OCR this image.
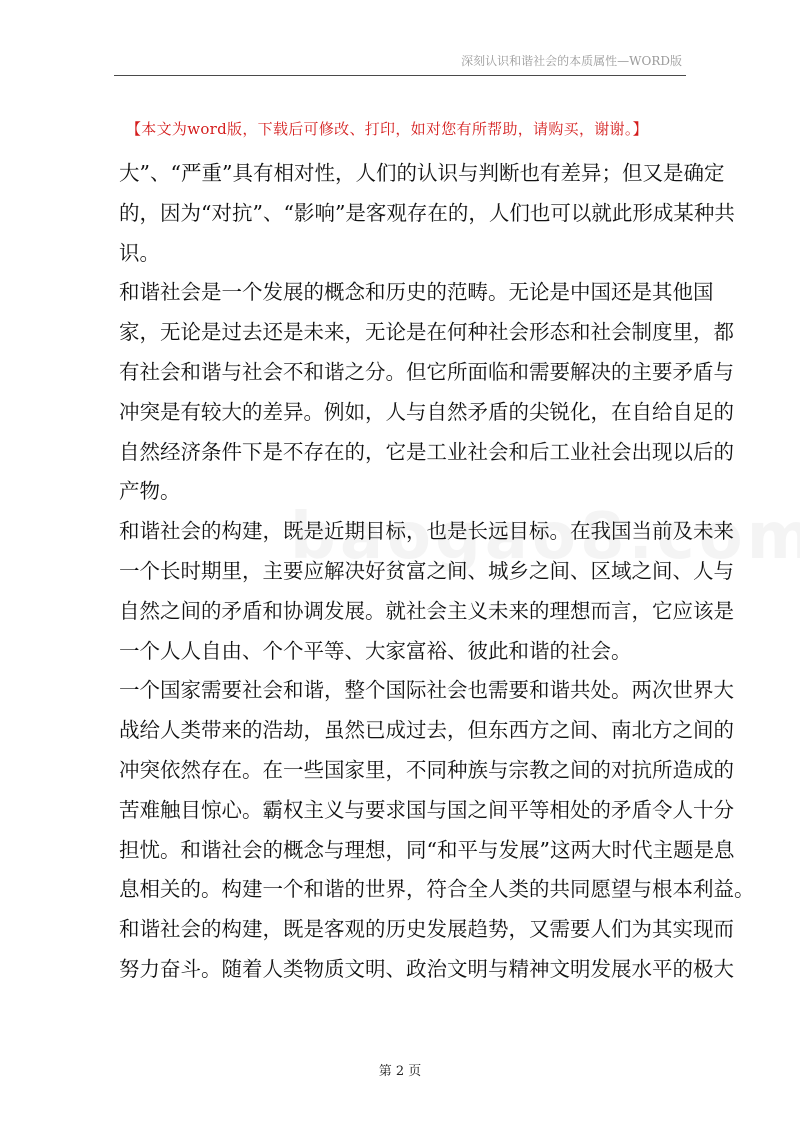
深刻认识和谐社会的本质属性—WORD版
【本文为word版，下载后可修改、打印，如对您有所帮助，请购买，谢谢。】
大”、“严重”具有相对性，人们的认识与判断也有差异；但又是确定
的，因为“对抗”、“影响”是客观存在的，人们也可以就此形成某种共
识。
和谐社会是一个发展的概念和历史的范畴。无论是中国还是其他国
家，无论是过去还是未来，无论是在何种社会形态和社会制度里，都
有社会和谐与社会不和谐之分。但它所面临和需要解决的主要矛盾与
冲突是有较大的差异。例如，人与自然矛盾的尖锐化，在自给自足的
自然经济条件下是不存在的，它是工业社会和后工业社会出现以后的
产物。
和谐社会的构建，既是近期目标，也是长远目标。在我国当前及未来
一个长时期里，主要应解决好贫富之间、城乡之间、区域之间、人与
自然之间的矛盾和协调发展。就社会主义未来的理想而言，它应该是
一个人人自由、个个平等、大家富裕、彼此和谐的社会。
一个国家需要社会和谐，整个国际社会也需要和谐共处。两次世界大
战给人类带来的浩劫，虽然已成过去，但东西方之间、南北方之间的
冲突依然存在。在一些国家里，不同种族与宗教之间的对抗所造成的
苦难触目惊心。霸权主义与要求国与国之间平等相处的矛盾令人十分
担忧。和谐社会的概念与理想，同“和平与发展”这两大时代主题是息
息相关的。构建一个和谐的世界，符合全人类的共同愿望与根本利益。
和谐社会的构建，既是客观的历史发展趋势，又需要人们为其实现而
努力奋斗。随着人类物质文明、政治文明与精神文明发展水平的极大
第 2 页
